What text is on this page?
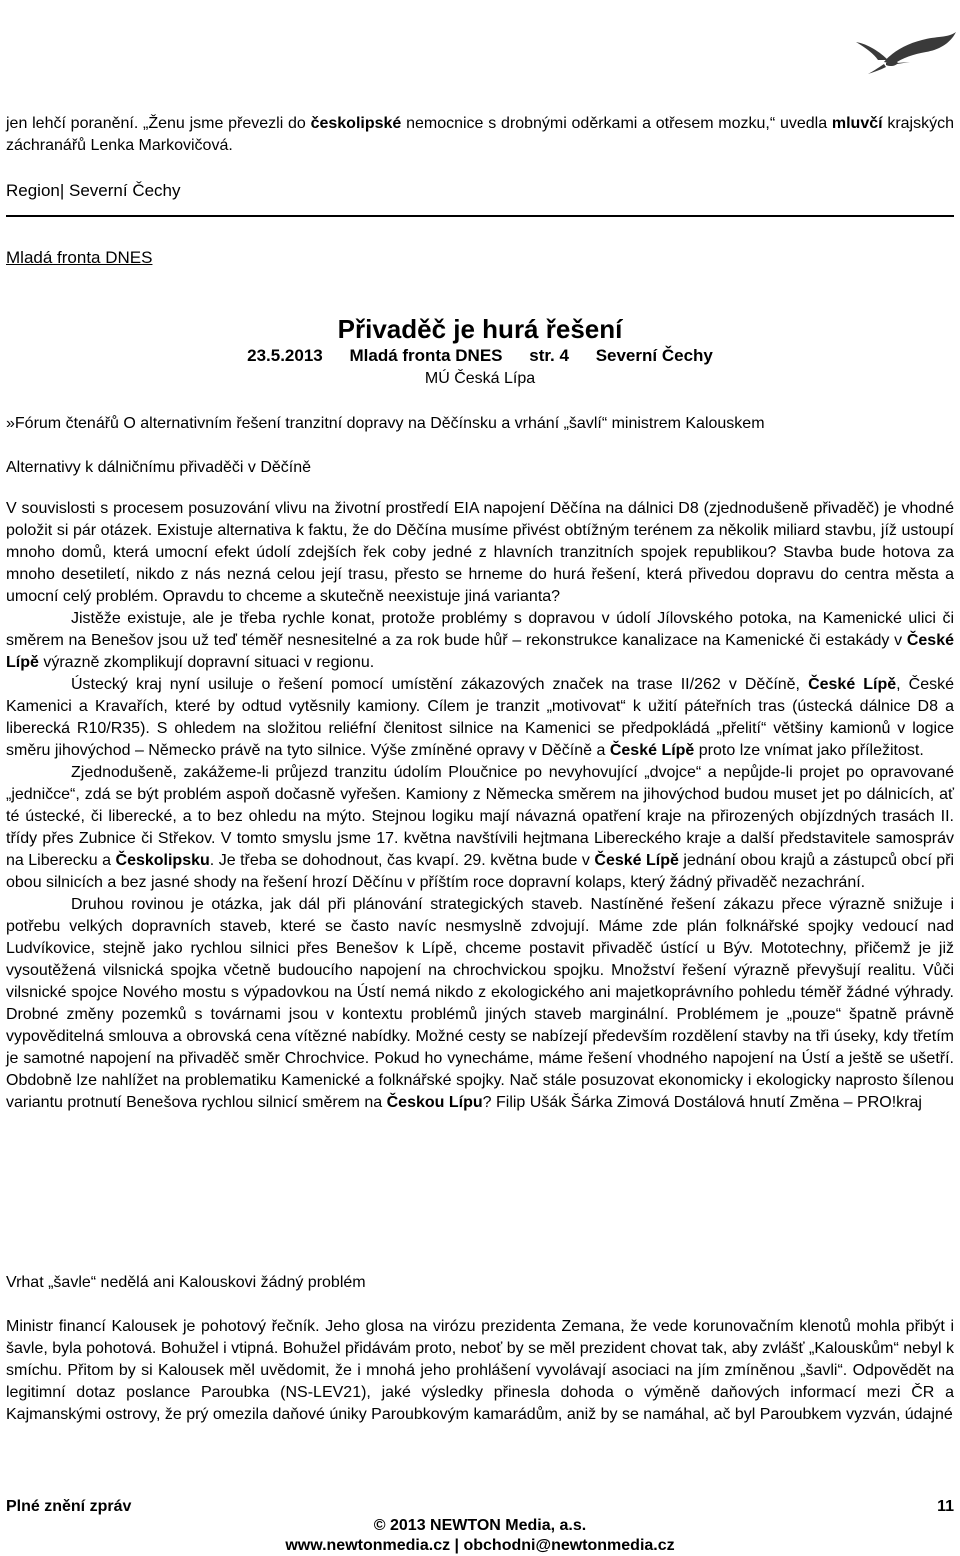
jen lehčí poranění. „Ženu jsme převezli do českolipské nemocnice s drobnými oděrkami a otřesem mozku,“ uvedla mluvčí krajských záchranářů Lenka Markovičová.
Region| Severní Čechy
Mladá fronta DNES
Přivaděč je hurá řešení
23.5.2013 Mladá fronta DNES str. 4 Severní Čechy
MÚ Česká Lípa
»Fórum čtenářů O alternativním řešení tranzitní dopravy na Děčínsku a vrhání „šavlí“ ministrem Kalouskem
Alternativy k dálničnímu přivaděči v Děčíně

V souvislosti s procesem posuzování vlivu na životní prostředí EIA napojení Děčína na dálnici D8 (zjednodušeně přivaděč) je vhodné položit si pár otázek. Existuje alternativa k faktu, že do Děčína musíme přivést obtížným terénem za několik miliard stavbu, jíž ustoupí mnoho domů, která umocní efekt údolí zdejších řek coby jedné z hlavních tranzitních spojek republikou? Stavba bude hotova za mnoho desetiletí, nikdo z nás nezná celou její trasu, přesto se hrneme do hurá řešení, která přivedou dopravu do centra města a umocní celý problém. Opravdu to chceme a skutečně neexistuje jiná varianta?

Jistěže existuje, ale je třeba rychle konat, protože problémy s dopravou v údolí Jílovského potoka, na Kamenické ulici či směrem na Benešov jsou už teď téměř nesnesitelné a za rok bude hůř – rekonstrukce kanalizace na Kamenické či estakády v České Lípě výrazně zkomplikují dopravní situaci v regionu.

Ústecký kraj nyní usiluje o řešení pomocí umístění zákazových značek na trase II/262 v Děčíně, České Lípě, České Kamenici a Kravařích, které by odtud vytěsnily kamiony. Cílem je tranzit „motivovat“ k užití páteřních tras (ústecká dálnice D8 a liberecká R10/R35). S ohledem na složitou reliéfní členitost silnice na Kamenici se předpokládá „přelití“ většiny kamionů v logice směru jihovýchod – Německo právě na tyto silnice. Výše zmíněné opravy v Děčíně a České Lípě proto lze vnímat jako příležitost.

Zjednodušeně, zakážeme-li průjezd tranzitu údolím Ploučnice po nevyhovující „dvojce“ a nepůjde-li projet po opravované „jedničce“, zdá se být problém aspoň dočasně vyřešen. Kamiony z Německa směrem na jihovýchod budou muset jet po dálnicích, ať té ústecké, či liberecké, a to bez ohledu na mýto. Stejnou logiku mají návazná opatření kraje na přirozených objízdných trasách II. třídy přes Zubnice či Střekov. V tomto smyslu jsme 17. května navštívili hejtmana Libereckého kraje a další představitele samospráv na Liberecku a Českolipsku. Je třeba se dohodnout, čas kvapí. 29. května bude v České Lípě jednání obou krajů a zástupců obcí při obou silnicích a bez jasné shody na řešení hrozí Děčínu v příštím roce dopravní kolaps, který žádný přivaděč nezachrání.

Druhou rovinou je otázka, jak dál při plánování strategických staveb. Nastíněné řešení zákazu přece výrazně snižuje i potřebu velkých dopravních staveb, které se často navíc nesmyslně zdvojují. Máme zde plán folknářské spojky vedoucí nad Ludvíkovice, stejně jako rychlou silnici přes Benešov k Lípě, chceme postavit přivaděč ústící u Býv. Mototechny, přičemž je již vysoutěžená vilsnická spojka včetně budoucího napojení na chrochvickou spojku. Množství řešení výrazně převyšují realitu. Vůči vilsnické spojce Nového mostu s výpadovkou na Ústí nemá nikdo z ekologického ani majetkoprávního pohledu téměř žádné výhrady. Drobné změny pozemků s továrnami jsou v kontextu problémů jiných staveb marginální. Problémem je „pouze“ špatně právně vypověditelná smlouva a obrovská cena vítězné nabídky. Možné cesty se nabízejí především rozdělení stavby na tři úseky, kdy třetím je samotné napojení na přivaděč směr Chrochvice. Pokud ho vynecháme, máme řešení vhodného napojení na Ústí a ještě se ušetří. Obdobně lze nahlížet na problematiku Kamenické a folknářské spojky. Nač stále posuzovat ekonomicky i ekologicky naprosto šílenou variantu protnutí Benešova rychlou silnicí směrem na Českou Lípu? Filip Ušák Šárka Zimová Dostálová hnutí Změna – PRO!kraj

Vrhat „šavle“ nedělá ani Kalouskovi žádný problém
Ministr financí Kalousek je pohotový řečník. Jeho glosa na virózu prezidenta Zemana, že vede korunovačním klenotů mohla přibýt i šavle, byla pohotová. Bohužel i vtipná. Bohužel přidávám proto, neboť by se měl prezident chovat tak, aby zvlášť „Kalouskům“ nebyl k smíchu. Přitom by si Kalousek měl uvědomit, že i mnohá jeho prohlášení vyvolávají asociaci na jím zmíněnou „šavli“. Odpovědět na legitimní dotaz poslance Paroubka (NS-LEV21), jaké výsledky přinesla dohoda o výměně daňových informací mezi ČR a Kajmanskými ostrovy, že prý omezila daňové úniky Paroubkovým kamarádům, aniž by se namáhal, ač byl Paroubkem vyzván, údajné
Plné znění zpráv	11
© 2013 NEWTON Media, a.s.
www.newtonmedia.cz | obchodni@newtonmedia.cz
